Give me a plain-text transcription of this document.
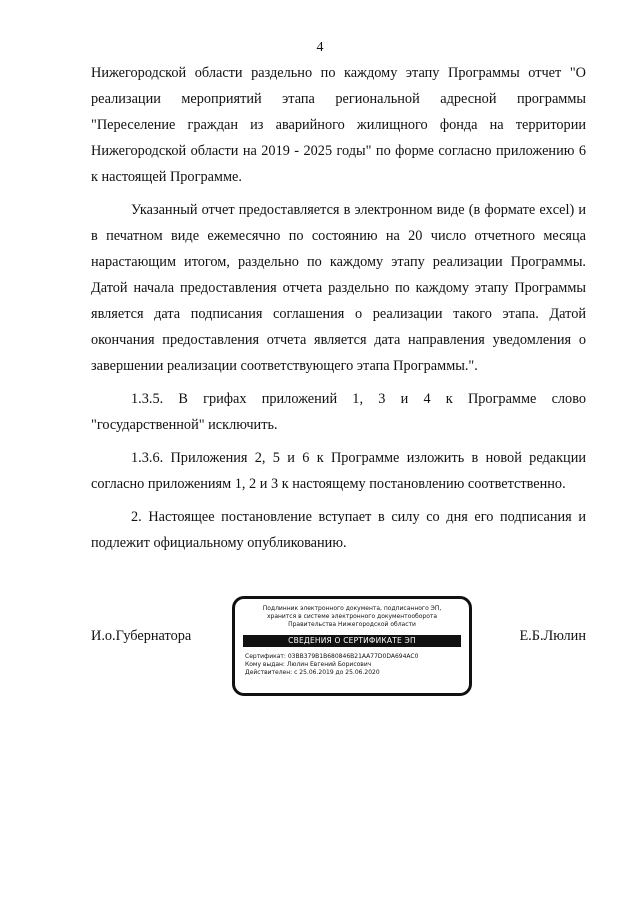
4

Нижегородской области раздельно по каждому этапу Программы отчет "О реализации мероприятий этапа региональной адресной программы "Переселение граждан из аварийного жилищного фонда на территории Нижегородской области на 2019 - 2025 годы" по форме согласно приложению 6 к настоящей Программе.

Указанный отчет предоставляется в электронном виде (в формате excel) и в печатном виде ежемесячно по состоянию на 20 число отчетного месяца нарастающим итогом, раздельно по каждому этапу реализации Программы. Датой начала предоставления отчета раздельно по каждому этапу Программы является дата подписания соглашения о реализации такого этапа. Датой окончания предоставления отчета является дата направления уведомления о завершении реализации соответствующего этапа Программы.".

1.3.5. В грифах приложений 1, 3 и 4 к Программе слово "государственной" исключить.

1.3.6. Приложения 2, 5 и 6 к Программе изложить в новой редакции согласно приложениям 1, 2 и 3 к настоящему постановлению соответственно.

2. Настоящее постановление вступает в силу со дня его подписания и подлежит официальному опубликованию.

И.о.Губернатора	Е.Б.Люлин
Подлинник электронного документа, подписанного ЭП,
хранится в системе электронного документооборота
Правительства Нижегородской области
СВЕДЕНИЯ О СЕРТИФИКАТЕ ЭП
Сертификат: 03BB379B1B680846B21AA77D0DA694AC0
Кому выдан: Люлин Евгений Борисович
Действителен: с 25.06.2019 до 25.06.2020
